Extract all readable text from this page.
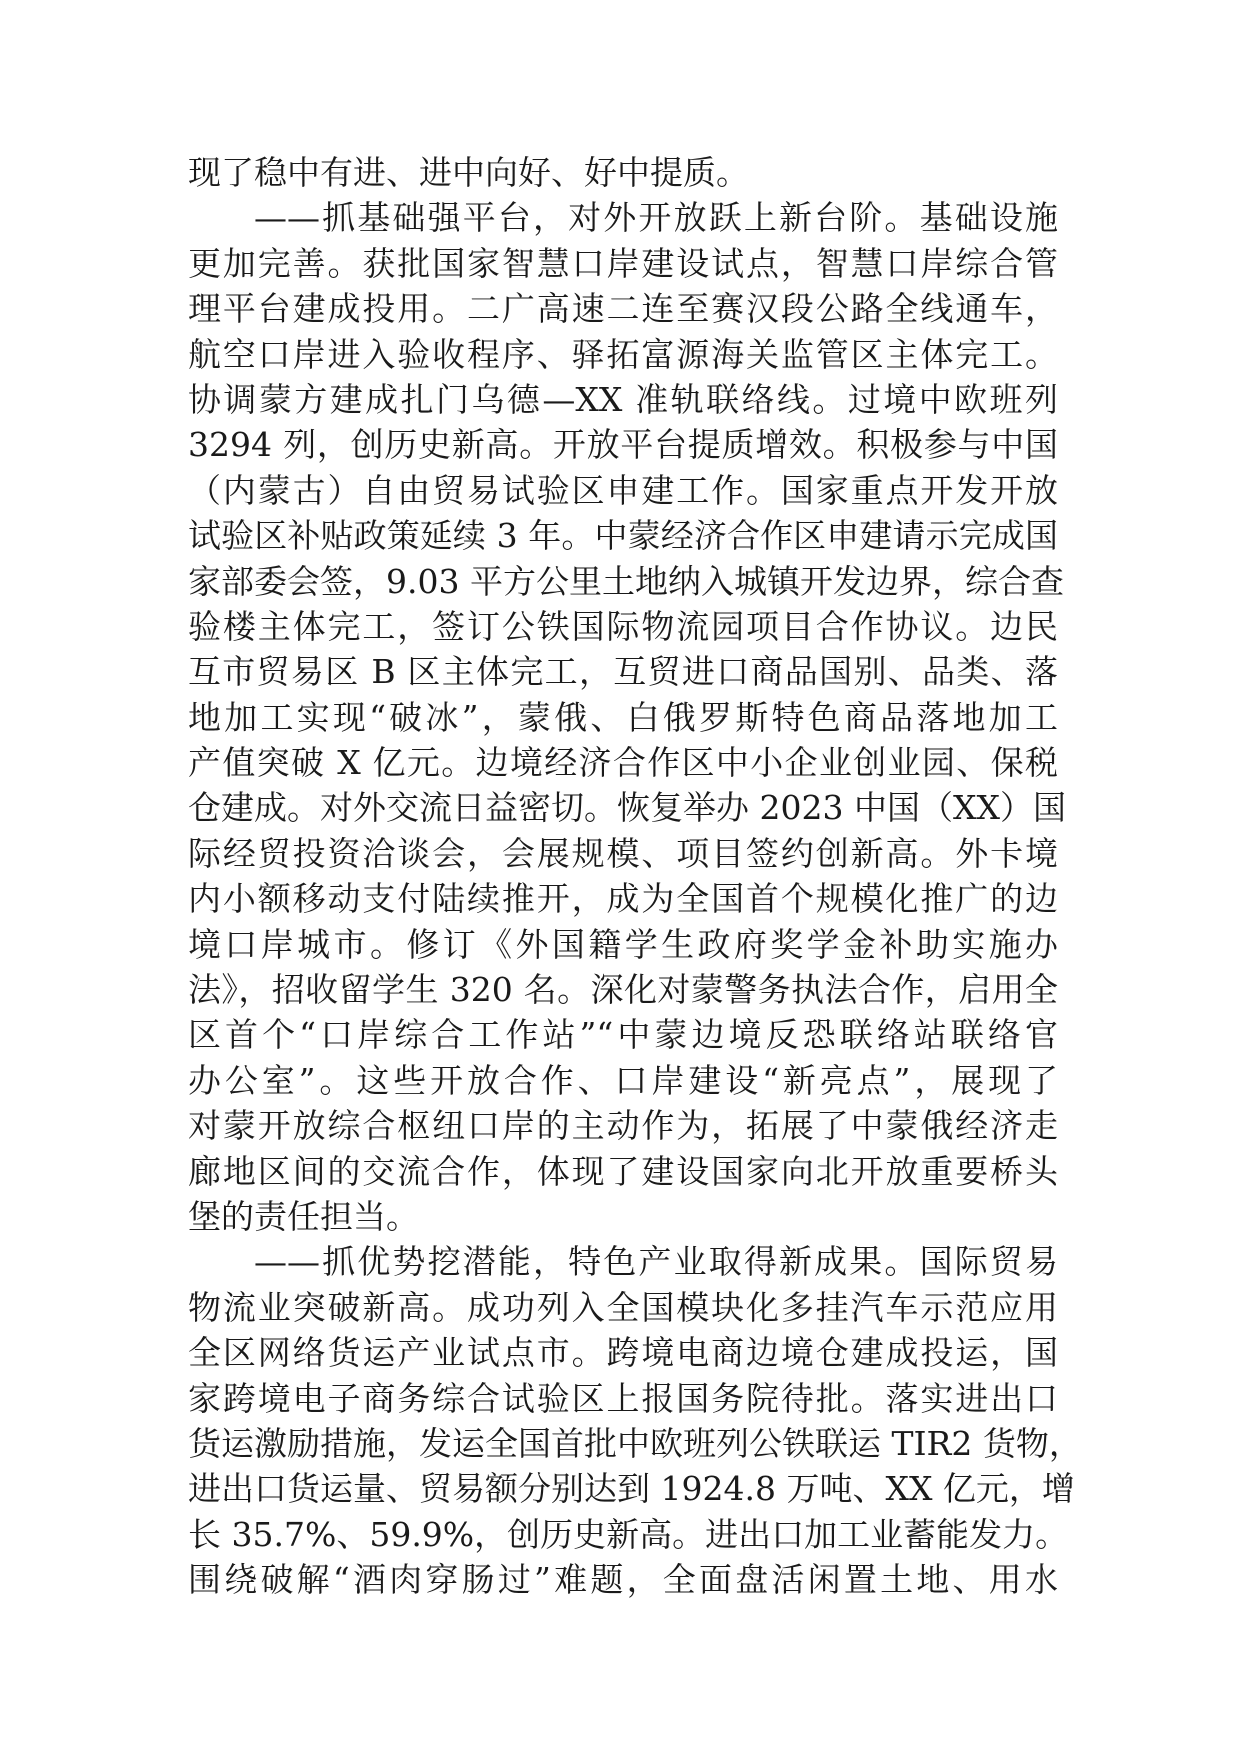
现了稳中有进、进中向好、好中提质。

——抓基础强平台，对外开放跃上新台阶。基础设施
更加完善。获批国家智慧口岸建设试点，智慧口岸综合管
理平台建成投用。二广高速二连至赛汉段公路全线通车，
航空口岸进入验收程序、驿拓富源海关监管区主体完工。
协调蒙方建成扎门乌德—XX 准轨联络线。过境中欧班列
3294 列，创历史新高。开放平台提质增效。积极参与中国
（内蒙古）自由贸易试验区申建工作。国家重点开发开放
试验区补贴政策延续 3 年。中蒙经济合作区申建请示完成国
家部委会签，9.03 平方公里土地纳入城镇开发边界，综合查
验楼主体完工，签订公铁国际物流园项目合作协议。边民
互市贸易区 B 区主体完工，互贸进口商品国别、品类、落
地加工实现“破冰”，蒙俄、白俄罗斯特色商品落地加工
产值突破 X 亿元。边境经济合作区中小企业创业园、保税
仓建成。对外交流日益密切。恢复举办 2023 中国（XX）国
际经贸投资洽谈会，会展规模、项目签约创新高。外卡境
内小额移动支付陆续推开，成为全国首个规模化推广的边
境口岸城市。修订《外国籍学生政府奖学金补助实施办
法》，招收留学生 320 名。深化对蒙警务执法合作，启用全
区首个“口岸综合工作站”“中蒙边境反恐联络站联络官
办公室”。这些开放合作、口岸建设“新亮点”，展现了
对蒙开放综合枢纽口岸的主动作为，拓展了中蒙俄经济走
廊地区间的交流合作，体现了建设国家向北开放重要桥头
堡的责任担当。

——抓优势挖潜能，特色产业取得新成果。国际贸易
物流业突破新高。成功列入全国模块化多挂汽车示范应用
全区网络货运产业试点市。跨境电商边境仓建成投运，国
家跨境电子商务综合试验区上报国务院待批。落实进出口
货运激励措施，发运全国首批中欧班列公铁联运 TIR2 货物，
进出口货运量、贸易额分别达到 1924.8 万吨、XX 亿元，增
长 35.7%、59.9%，创历史新高。进出口加工业蓄能发力。
围绕破解“酒肉穿肠过”难题，全面盘活闲置土地、用水
